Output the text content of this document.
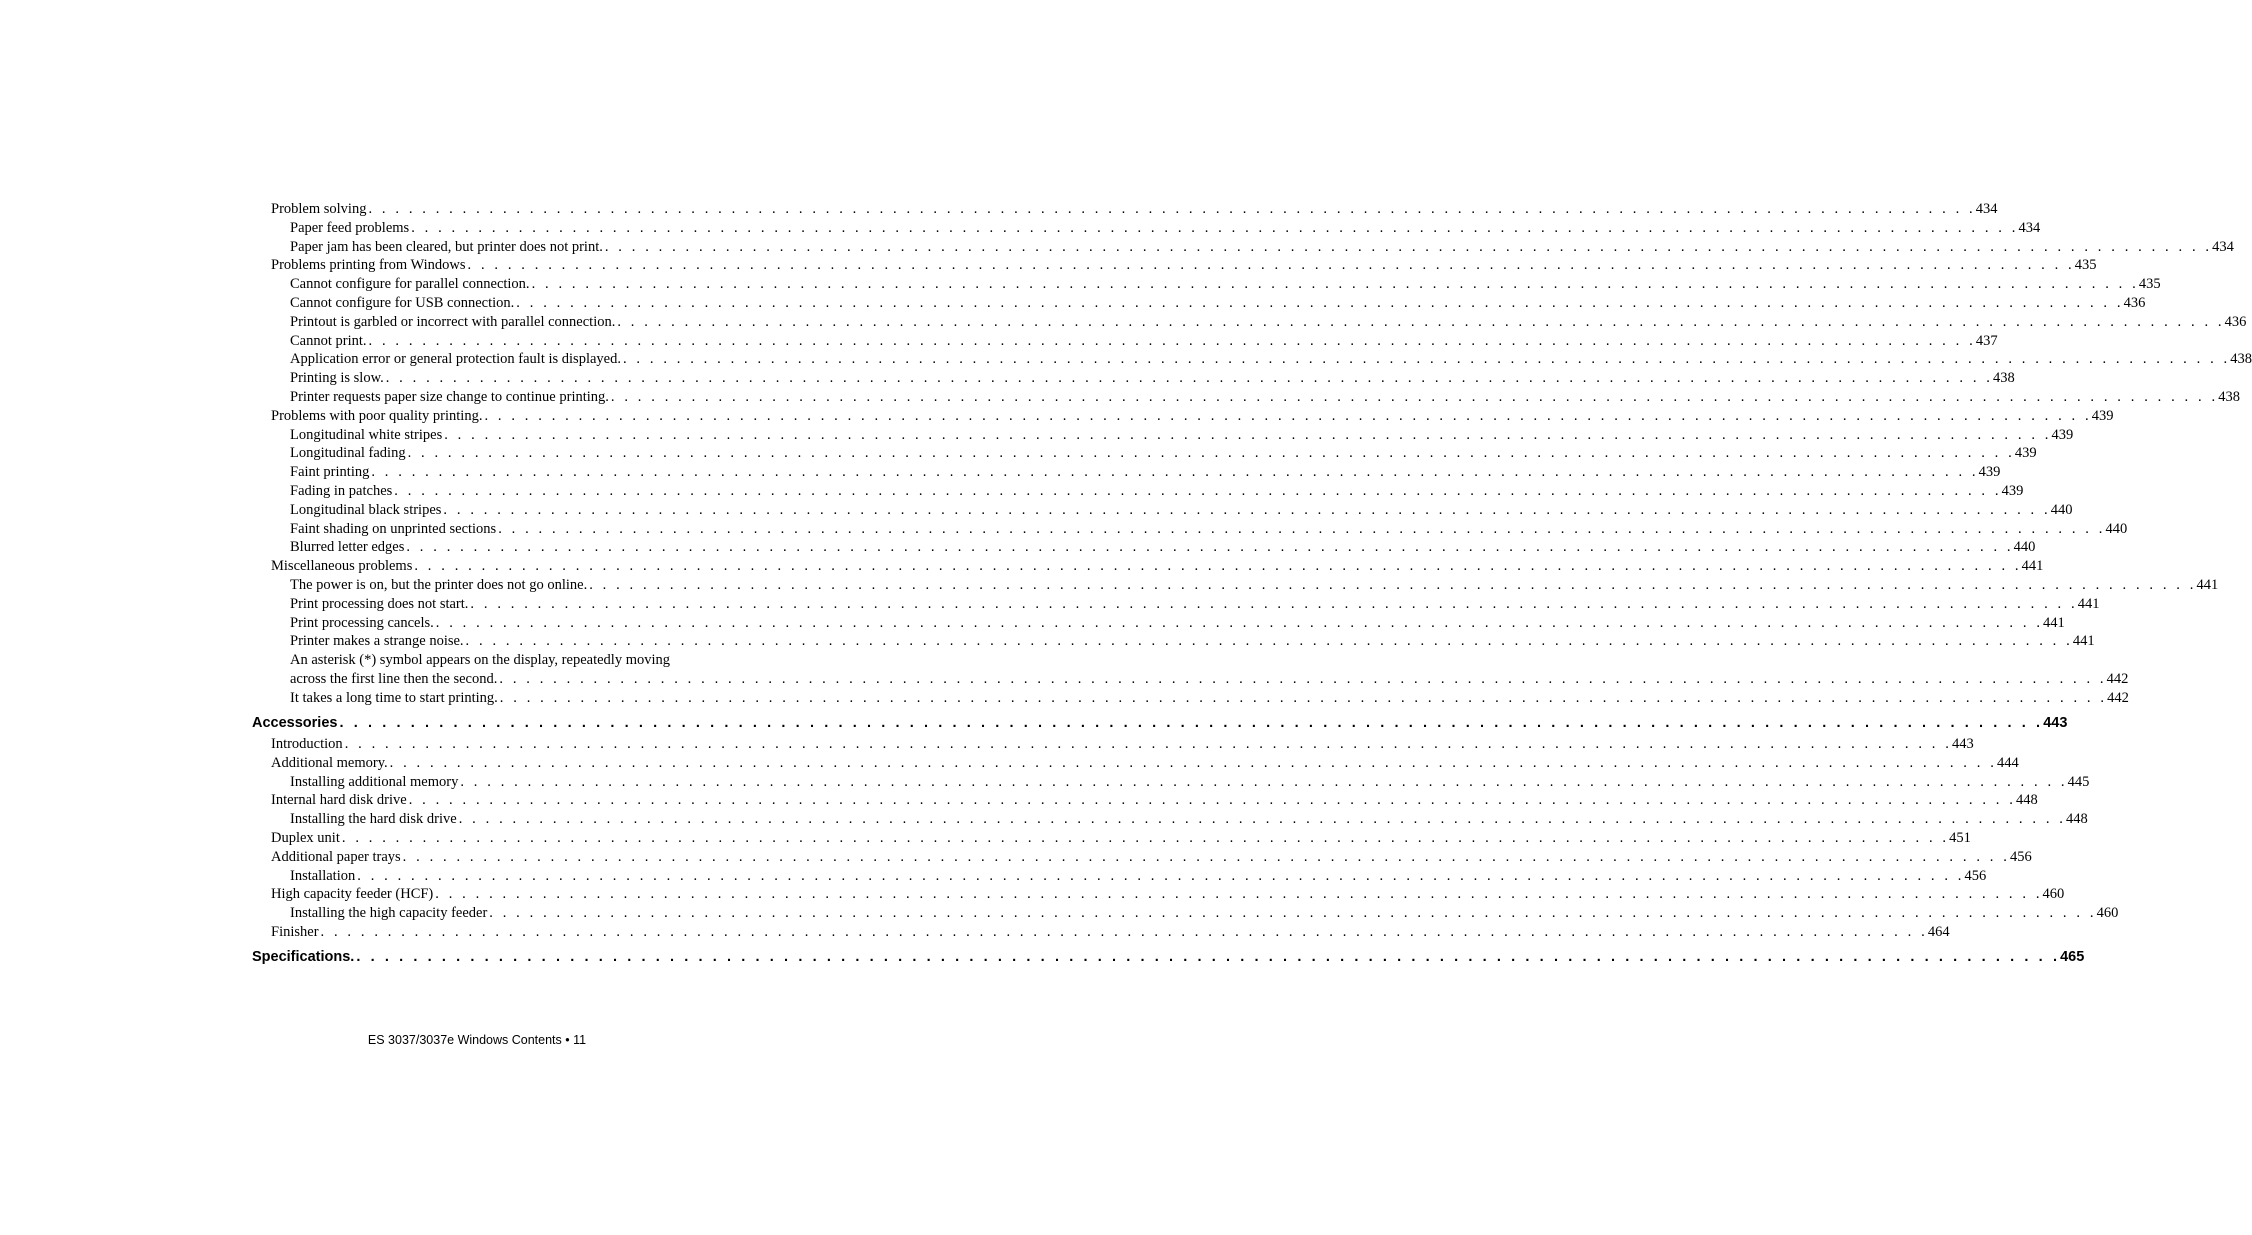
Problem solving . . . . . . . . . . . . . . . . . . . . . . . . . . . . . . . . . . . . . . . . . . . . . . . . . . . . . . . . . . . . . . . . . . . . . . . . . . . . . . . . . . . . . . . . . . . . . . . . . . . . . . . . . . . . . . . . . . . . . . . . 434
Paper feed problems . . . . . . . . . . . . . . . . . . . . . . . . . . . . . . . . . . . . . . . . . . . . . . . . . . . . . . . . . . . . . . . . . . . . . . . . . . . . . . . . . . . . . . . . . . . . . . . . . . . . . . . . . . . . . . . . . . . . . . . . 434
Paper jam has been cleared, but printer does not print. . . . . . . . . . . . . . . . . . . . . . . . . . . . . . . . . . . . . . . . . . . . . . . . . . . . . . . . . . . . . . . . . . . . . . . . . . . . . . . . . . . . . . . . . . . . . . . . . . . . . . . . . . . . . . . . . . . . . . . . . 434
Problems printing from Windows . . . . . . . . . . . . . . . . . . . . . . . . . . . . . . . . . . . . . . . . . . . . . . . . . . . . . . . . . . . . . . . . . . . . . . . . . . . . . . . . . . . . . . . . . . . . . . . . . . . . . . . . . . . . . . . . . . . . . . . . 435
Cannot configure for parallel connection. . . . . . . . . . . . . . . . . . . . . . . . . . . . . . . . . . . . . . . . . . . . . . . . . . . . . . . . . . . . . . . . . . . . . . . . . . . . . . . . . . . . . . . . . . . . . . . . . . . . . . . . . . . . . . . . . . . . . . . . . 435
Cannot configure for USB connection. . . . . . . . . . . . . . . . . . . . . . . . . . . . . . . . . . . . . . . . . . . . . . . . . . . . . . . . . . . . . . . . . . . . . . . . . . . . . . . . . . . . . . . . . . . . . . . . . . . . . . . . . . . . . . . . . . . . . . . . . 436
Printout is garbled or incorrect with parallel connection. . . . . . . . . . . . . . . . . . . . . . . . . . . . . . . . . . . . . . . . . . . . . . . . . . . . . . . . . . . . . . . . . . . . . . . . . . . . . . . . . . . . . . . . . . . . . . . . . . . . . . . . . . . . . . . . . . . . . . . . . 436
Cannot print. . . . . . . . . . . . . . . . . . . . . . . . . . . . . . . . . . . . . . . . . . . . . . . . . . . . . . . . . . . . . . . . . . . . . . . . . . . . . . . . . . . . . . . . . . . . . . . . . . . . . . . . . . . . . . . . . . . . . . . . . 437
Application error or general protection fault is displayed. . . . . . . . . . . . . . . . . . . . . . . . . . . . . . . . . . . . . . . . . . . . . . . . . . . . . . . . . . . . . . . . . . . . . . . . . . . . . . . . . . . . . . . . . . . . . . . . . . . . . . . . . . . . . . . . . . . . . . . . . 438
Printing is slow. . . . . . . . . . . . . . . . . . . . . . . . . . . . . . . . . . . . . . . . . . . . . . . . . . . . . . . . . . . . . . . . . . . . . . . . . . . . . . . . . . . . . . . . . . . . . . . . . . . . . . . . . . . . . . . . . . . . . . . . . 438
Printer requests paper size change to continue printing. . . . . . . . . . . . . . . . . . . . . . . . . . . . . . . . . . . . . . . . . . . . . . . . . . . . . . . . . . . . . . . . . . . . . . . . . . . . . . . . . . . . . . . . . . . . . . . . . . . . . . . . . . . . . . . . . . . . . . . . . 438
Problems with poor quality printing. . . . . . . . . . . . . . . . . . . . . . . . . . . . . . . . . . . . . . . . . . . . . . . . . . . . . . . . . . . . . . . . . . . . . . . . . . . . . . . . . . . . . . . . . . . . . . . . . . . . . . . . . . . . . . . . . . . . . . . . . 439
Longitudinal white stripes . . . . . . . . . . . . . . . . . . . . . . . . . . . . . . . . . . . . . . . . . . . . . . . . . . . . . . . . . . . . . . . . . . . . . . . . . . . . . . . . . . . . . . . . . . . . . . . . . . . . . . . . . . . . . . . . . . . . . . . . 439
Longitudinal fading . . . . . . . . . . . . . . . . . . . . . . . . . . . . . . . . . . . . . . . . . . . . . . . . . . . . . . . . . . . . . . . . . . . . . . . . . . . . . . . . . . . . . . . . . . . . . . . . . . . . . . . . . . . . . . . . . . . . . . . . 439
Faint printing . . . . . . . . . . . . . . . . . . . . . . . . . . . . . . . . . . . . . . . . . . . . . . . . . . . . . . . . . . . . . . . . . . . . . . . . . . . . . . . . . . . . . . . . . . . . . . . . . . . . . . . . . . . . . . . . . . . . . . . . 439
Fading in patches . . . . . . . . . . . . . . . . . . . . . . . . . . . . . . . . . . . . . . . . . . . . . . . . . . . . . . . . . . . . . . . . . . . . . . . . . . . . . . . . . . . . . . . . . . . . . . . . . . . . . . . . . . . . . . . . . . . . . . . . 439
Longitudinal black stripes . . . . . . . . . . . . . . . . . . . . . . . . . . . . . . . . . . . . . . . . . . . . . . . . . . . . . . . . . . . . . . . . . . . . . . . . . . . . . . . . . . . . . . . . . . . . . . . . . . . . . . . . . . . . . . . . . . . . . . . . 440
Faint shading on unprinted sections . . . . . . . . . . . . . . . . . . . . . . . . . . . . . . . . . . . . . . . . . . . . . . . . . . . . . . . . . . . . . . . . . . . . . . . . . . . . . . . . . . . . . . . . . . . . . . . . . . . . . . . . . . . . . . . . . . . . . . . . 440
Blurred letter edges . . . . . . . . . . . . . . . . . . . . . . . . . . . . . . . . . . . . . . . . . . . . . . . . . . . . . . . . . . . . . . . . . . . . . . . . . . . . . . . . . . . . . . . . . . . . . . . . . . . . . . . . . . . . . . . . . . . . . . . . 440
Miscellaneous problems . . . . . . . . . . . . . . . . . . . . . . . . . . . . . . . . . . . . . . . . . . . . . . . . . . . . . . . . . . . . . . . . . . . . . . . . . . . . . . . . . . . . . . . . . . . . . . . . . . . . . . . . . . . . . . . . . . . . . . . . 441
The power is on, but the printer does not go online. . . . . . . . . . . . . . . . . . . . . . . . . . . . . . . . . . . . . . . . . . . . . . . . . . . . . . . . . . . . . . . . . . . . . . . . . . . . . . . . . . . . . . . . . . . . . . . . . . . . . . . . . . . . . . . . . . . . . . . . . 441
Print processing does not start. . . . . . . . . . . . . . . . . . . . . . . . . . . . . . . . . . . . . . . . . . . . . . . . . . . . . . . . . . . . . . . . . . . . . . . . . . . . . . . . . . . . . . . . . . . . . . . . . . . . . . . . . . . . . . . . . . . . . . . . . 441
Print processing cancels. . . . . . . . . . . . . . . . . . . . . . . . . . . . . . . . . . . . . . . . . . . . . . . . . . . . . . . . . . . . . . . . . . . . . . . . . . . . . . . . . . . . . . . . . . . . . . . . . . . . . . . . . . . . . . . . . . . . . . . . . 441
Printer makes a strange noise. . . . . . . . . . . . . . . . . . . . . . . . . . . . . . . . . . . . . . . . . . . . . . . . . . . . . . . . . . . . . . . . . . . . . . . . . . . . . . . . . . . . . . . . . . . . . . . . . . . . . . . . . . . . . . . . . . . . . . . . . 441
An asterisk (*) symbol appears on the display, repeatedly moving
across the first line then the second. . . . . . . . . . . . . . . . . . . . . . . . . . . . . . . . . . . . . . . . . . . . . . . . . . . . . . . . . . . . . . . . . . . . . . . . . . . . . . . . . . . . . . . . . . . . . . . . . . . . . . . . . . . . . . . . . . . . . . . . . 442
It takes a long time to start printing. . . . . . . . . . . . . . . . . . . . . . . . . . . . . . . . . . . . . . . . . . . . . . . . . . . . . . . . . . . . . . . . . . . . . . . . . . . . . . . . . . . . . . . . . . . . . . . . . . . . . . . . . . . . . . . . . . . . . . . . . 442
Accessories . . . . . . . . . . . . . . . . . . . . . . . . . . . . . . . . . . . . . . . . . . . . . . . . . . . . . . . . . . . . . . . . . . . . . . . . . . . . . . . . . . . . . . . . . . . . . . . . . . . . . . . . . . . . . . . . . . . . . . . . 443
Introduction . . . . . . . . . . . . . . . . . . . . . . . . . . . . . . . . . . . . . . . . . . . . . . . . . . . . . . . . . . . . . . . . . . . . . . . . . . . . . . . . . . . . . . . . . . . . . . . . . . . . . . . . . . . . . . . . . . . . . . . . 443
Additional memory. . . . . . . . . . . . . . . . . . . . . . . . . . . . . . . . . . . . . . . . . . . . . . . . . . . . . . . . . . . . . . . . . . . . . . . . . . . . . . . . . . . . . . . . . . . . . . . . . . . . . . . . . . . . . . . . . . . . . . . . . 444
Installing additional memory . . . . . . . . . . . . . . . . . . . . . . . . . . . . . . . . . . . . . . . . . . . . . . . . . . . . . . . . . . . . . . . . . . . . . . . . . . . . . . . . . . . . . . . . . . . . . . . . . . . . . . . . . . . . . . . . . . . . . . . . 445
Internal hard disk drive . . . . . . . . . . . . . . . . . . . . . . . . . . . . . . . . . . . . . . . . . . . . . . . . . . . . . . . . . . . . . . . . . . . . . . . . . . . . . . . . . . . . . . . . . . . . . . . . . . . . . . . . . . . . . . . . . . . . . . . . 448
Installing the hard disk drive . . . . . . . . . . . . . . . . . . . . . . . . . . . . . . . . . . . . . . . . . . . . . . . . . . . . . . . . . . . . . . . . . . . . . . . . . . . . . . . . . . . . . . . . . . . . . . . . . . . . . . . . . . . . . . . . . . . . . . . . 448
Duplex unit . . . . . . . . . . . . . . . . . . . . . . . . . . . . . . . . . . . . . . . . . . . . . . . . . . . . . . . . . . . . . . . . . . . . . . . . . . . . . . . . . . . . . . . . . . . . . . . . . . . . . . . . . . . . . . . . . . . . . . . . 451
Additional paper trays . . . . . . . . . . . . . . . . . . . . . . . . . . . . . . . . . . . . . . . . . . . . . . . . . . . . . . . . . . . . . . . . . . . . . . . . . . . . . . . . . . . . . . . . . . . . . . . . . . . . . . . . . . . . . . . . . . . . . . . . 456
Installation . . . . . . . . . . . . . . . . . . . . . . . . . . . . . . . . . . . . . . . . . . . . . . . . . . . . . . . . . . . . . . . . . . . . . . . . . . . . . . . . . . . . . . . . . . . . . . . . . . . . . . . . . . . . . . . . . . . . . . . . 456
High capacity feeder (HCF) . . . . . . . . . . . . . . . . . . . . . . . . . . . . . . . . . . . . . . . . . . . . . . . . . . . . . . . . . . . . . . . . . . . . . . . . . . . . . . . . . . . . . . . . . . . . . . . . . . . . . . . . . . . . . . . . . . . . . . . . 460
Installing the high capacity feeder . . . . . . . . . . . . . . . . . . . . . . . . . . . . . . . . . . . . . . . . . . . . . . . . . . . . . . . . . . . . . . . . . . . . . . . . . . . . . . . . . . . . . . . . . . . . . . . . . . . . . . . . . . . . . . . . . . . . . . . . 460
Finisher . . . . . . . . . . . . . . . . . . . . . . . . . . . . . . . . . . . . . . . . . . . . . . . . . . . . . . . . . . . . . . . . . . . . . . . . . . . . . . . . . . . . . . . . . . . . . . . . . . . . . . . . . . . . . . . . . . . . . . . . 464
Specifications. . . . . . . . . . . . . . . . . . . . . . . . . . . . . . . . . . . . . . . . . . . . . . . . . . . . . . . . . . . . . . . . . . . . . . . . . . . . . . . . . . . . . . . . . . . . . . . . . . . . . . . . . . . . . . . . . . . . . . . . . 465
ES 3037/3037e Windows Contents • 11
